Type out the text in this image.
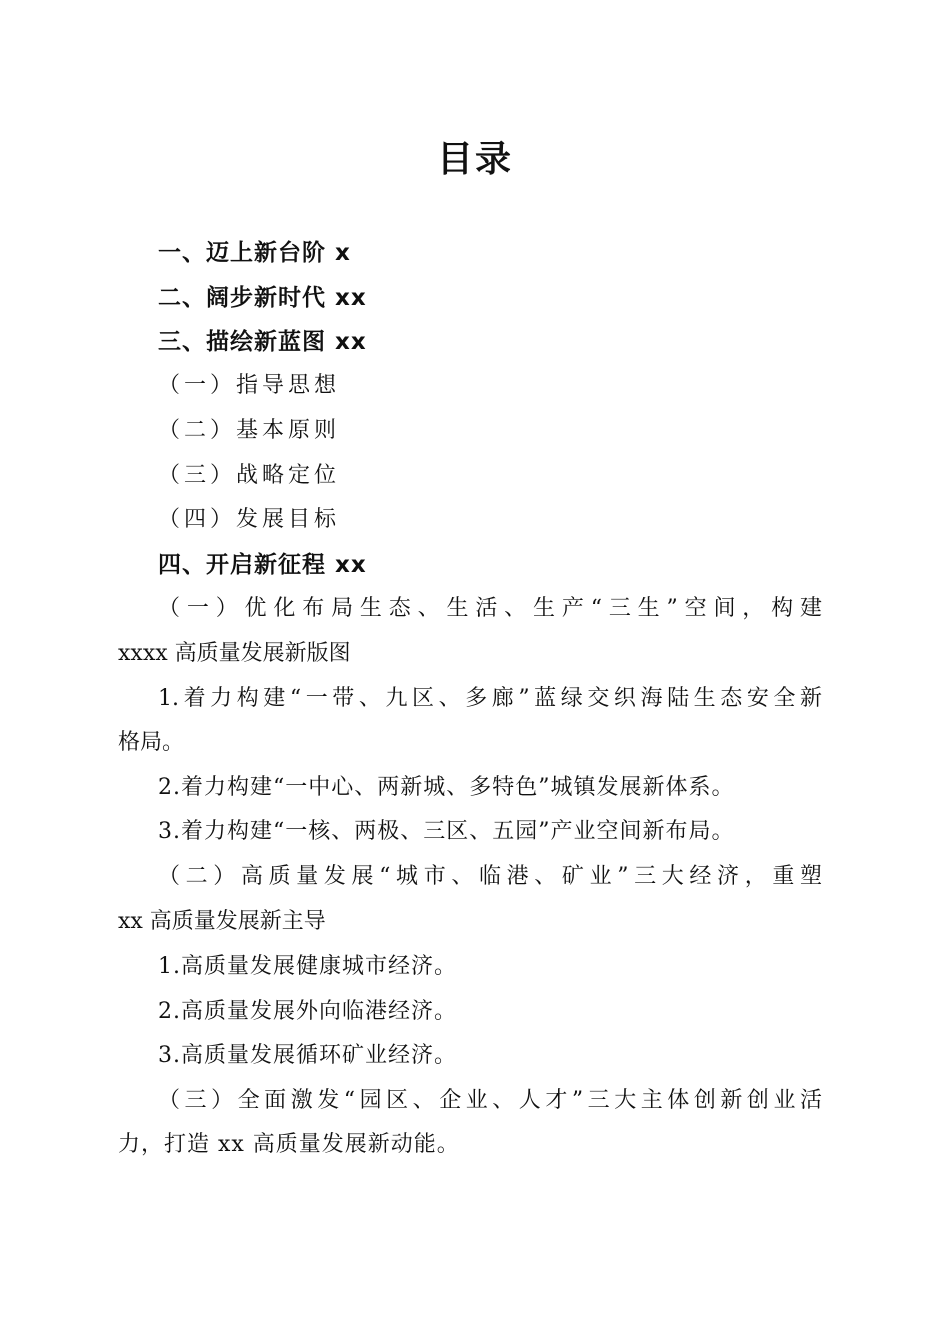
目录
一、迈上新台阶 x
二、阔步新时代 xx
三、描绘新蓝图 xx
（一）指导思想
（二）基本原则
（三）战略定位
（四）发展目标
四、开启新征程 xx
（一）优化布局生态、生活、生产“三生”空间，构建
xxxx 高质量发展新版图
1.着力构建“一带、九区、多廊”蓝绿交织海陆生态安全新
格局。
2.着力构建“一中心、两新城、多特色”城镇发展新体系。
3.着力构建“一核、两极、三区、五园”产业空间新布局。
（二）高质量发展“城市、临港、矿业”三大经济，重塑
xx 高质量发展新主导
1.高质量发展健康城市经济。
2.高质量发展外向临港经济。
3.高质量发展循环矿业经济。
（三）全面激发“园区、企业、人才”三大主体创新创业活
力，打造 xx 高质量发展新动能。
